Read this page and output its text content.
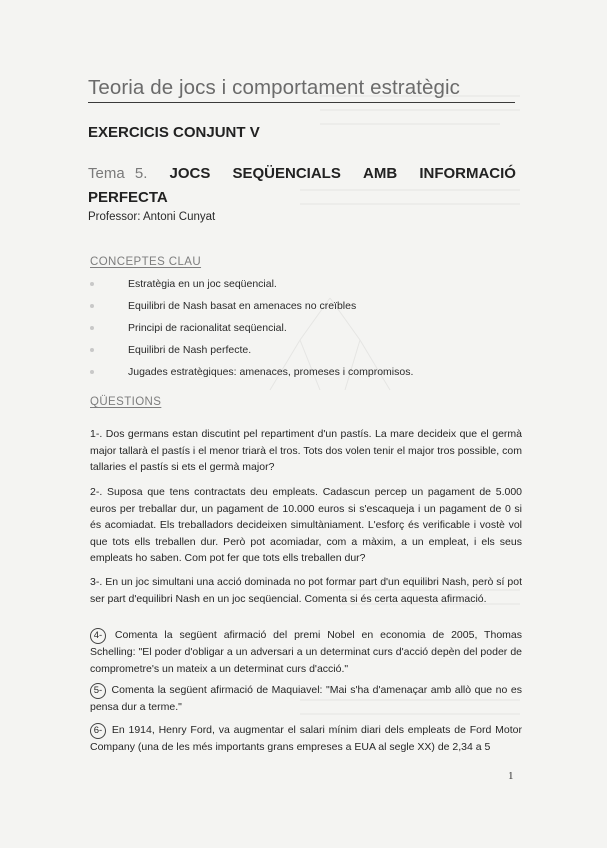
Teoria de jocs i comportament estratègic
EXERCICIS CONJUNT V
Tema 5. JOCS SEQÜENCIALS AMB INFORMACIÓ
PERFECTA
Professor: Antoni Cunyat
CONCEPTES CLAU
Estratègia en un joc seqüencial.
Equilibri de Nash basat en amenaces no creïbles
Principi de racionalitat seqüencial.
Equilibri de Nash perfecte.
Jugades estratègiques: amenaces, promeses i compromisos.
QÜESTIONS
1-. Dos germans estan discutint pel repartiment d'un pastís. La mare decideix que el germà major tallarà el pastís i el menor triarà el tros. Tots dos volen tenir el major tros possible, com tallaries el pastís si ets el germà major?
2-. Suposa que tens contractats deu empleats. Cadascun percep un pagament de 5.000 euros per treballar dur, un pagament de 10.000 euros si s'escaqueja i un pagament de 0 si és acomiadat. Els treballadors decideixen simultàniament. L'esforç és verificable i vostè vol que tots ells treballen dur. Però pot acomiadar, com a màxim, a un empleat, i els seus empleats ho saben. Com pot fer que tots ells treballen dur?
3-. En un joc simultani una acció dominada no pot formar part d'un equilibri Nash, però sí pot ser part d'equilibri Nash en un joc seqüencial. Comenta si és certa aquesta afirmació.
4- Comenta la següent afirmació del premi Nobel en economia de 2005, Thomas Schelling: "El poder d'obligar a un adversari a un determinat curs d'acció depèn del poder de comprometre's un mateix a un determinat curs d'acció."
5- Comenta la següent afirmació de Maquiavel: "Mai s'ha d'amenaçar amb allò que no es pensa dur a terme."
6- En 1914, Henry Ford, va augmentar el salari mínim diari dels empleats de Ford Motor Company (una de les més importants grans empreses a EUA al segle XX) de 2,34 a 5
1
